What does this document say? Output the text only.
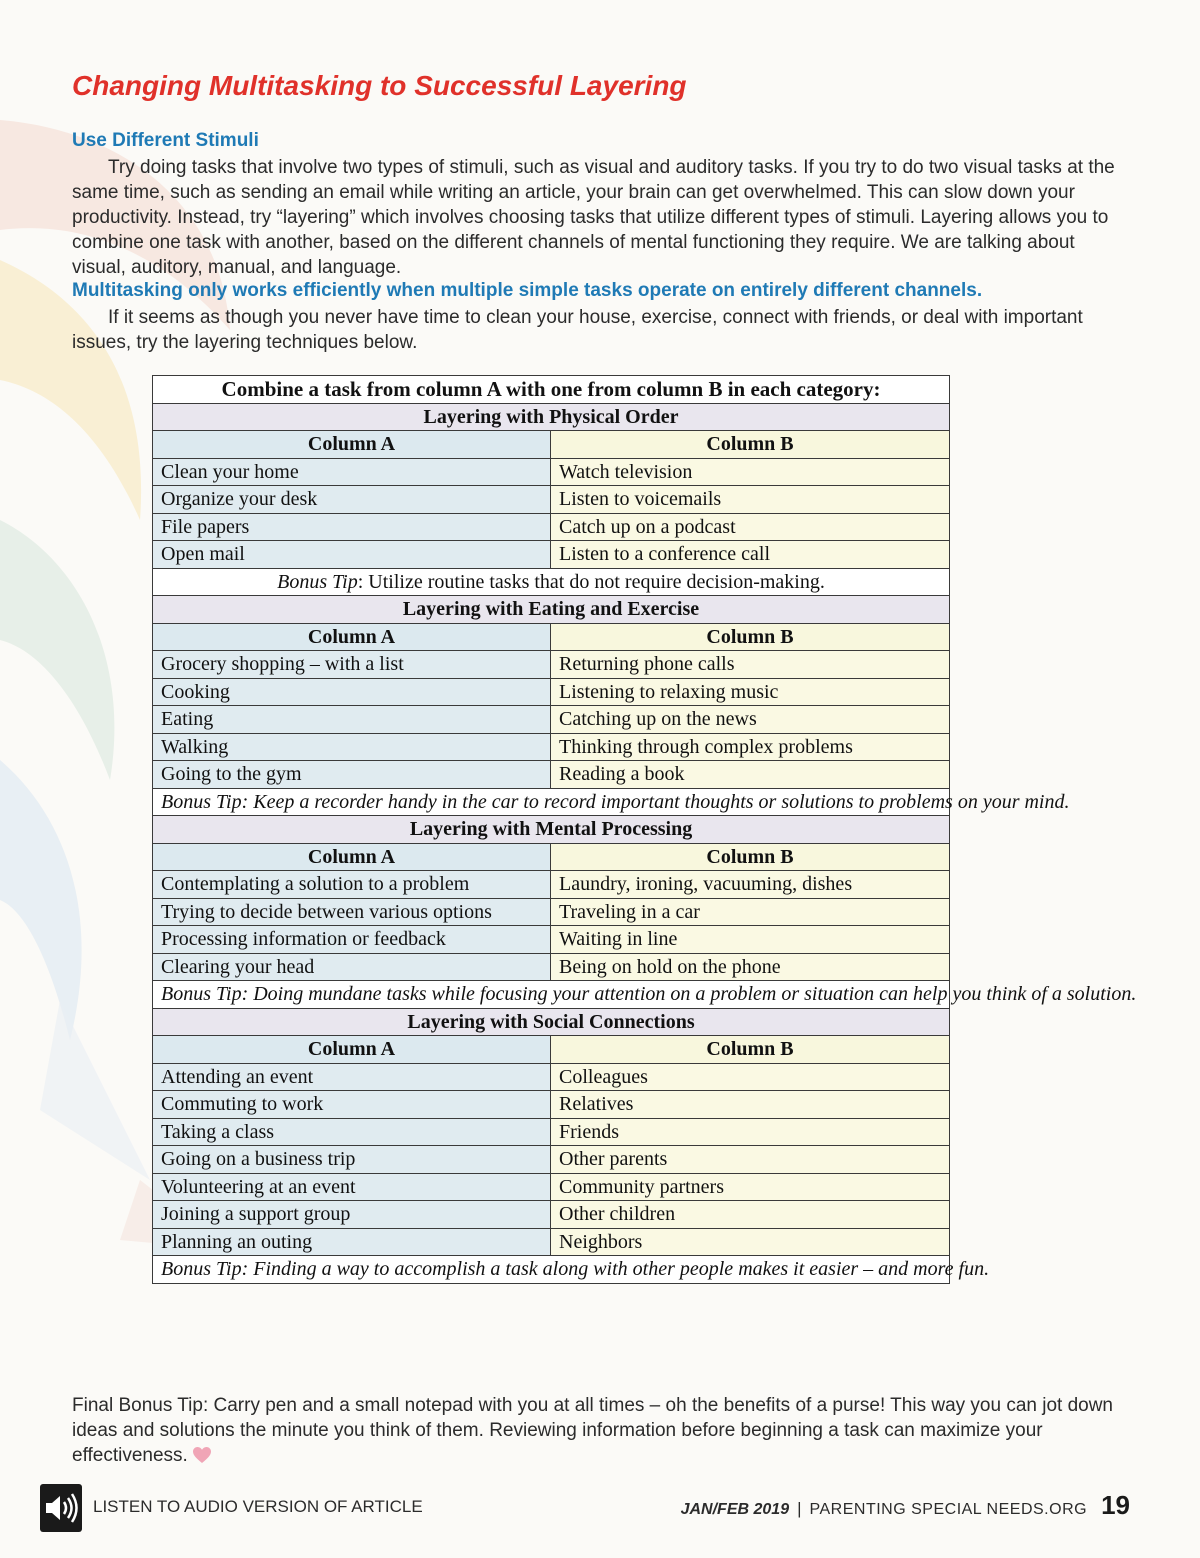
Changing Multitasking to Successful Layering
Use Different Stimuli

Try doing tasks that involve two types of stimuli, such as visual and auditory tasks. If you try to do two visual tasks at the same time, such as sending an email while writing an article, your brain can get overwhelmed. This can slow down your productivity. Instead, try “layering” which involves choosing tasks that utilize different types of stimuli. Layering allows you to combine one task with another, based on the different channels of mental functioning they require. We are talking about visual, auditory, manual, and language.

Multitasking only works efficiently when multiple simple tasks operate on entirely different channels.

If it seems as though you never have time to clean your house, exercise, connect with friends, or deal with important issues, try the layering techniques below.

Final Bonus Tip: Carry pen and a small notepad with you at all times – oh the benefits of a purse! This way you can jot down ideas and solutions the minute you think of them. Reviewing information before beginning a task can maximize your effectiveness.

Combine a task from column A with one from column B in each category:	
Layering with Physical Order	
Column A	Column B
Clean your home	Watch television
Organize your desk	Listen to voicemails
File papers	Catch up on a podcast
Open mail	Listen to a conference call
Bonus Tip: Utilize routine tasks that do not require decision-making.	
Layering with Eating and Exercise	
Column A	Column B
Grocery shopping – with a list	Returning phone calls
Cooking	Listening to relaxing music
Eating	Catching up on the news
Walking	Thinking through complex problems
Going to the gym	Reading a book
Bonus Tip: Keep a recorder handy in the car to record important thoughts or solutions to problems on your mind.	
Layering with Mental Processing	
Column A	Column B
Contemplating a solution to a problem	Laundry, ironing, vacuuming, dishes
Trying to decide between various options	Traveling in a car
Processing information or feedback	Waiting in line
Clearing your head	Being on hold on the phone
Bonus Tip: Doing mundane tasks while focusing your attention on a problem or situation can help you think of a solution.	
Layering with Social Connections	
Column A	Column B
Attending an event	Colleagues
Commuting to work	Relatives
Taking a class	Friends
Going on a business trip	Other parents
Volunteering at an event	Community partners
Joining a support group	Other children
Planning an outing	Neighbors
Bonus Tip: Finding a way to accomplish a task along with other people makes it easier – and more fun.	
LISTEN TO AUDIO VERSION OF ARTICLE	JAN/FEB 2019 | PARENTING SPECIAL NEEDS.ORG 19
